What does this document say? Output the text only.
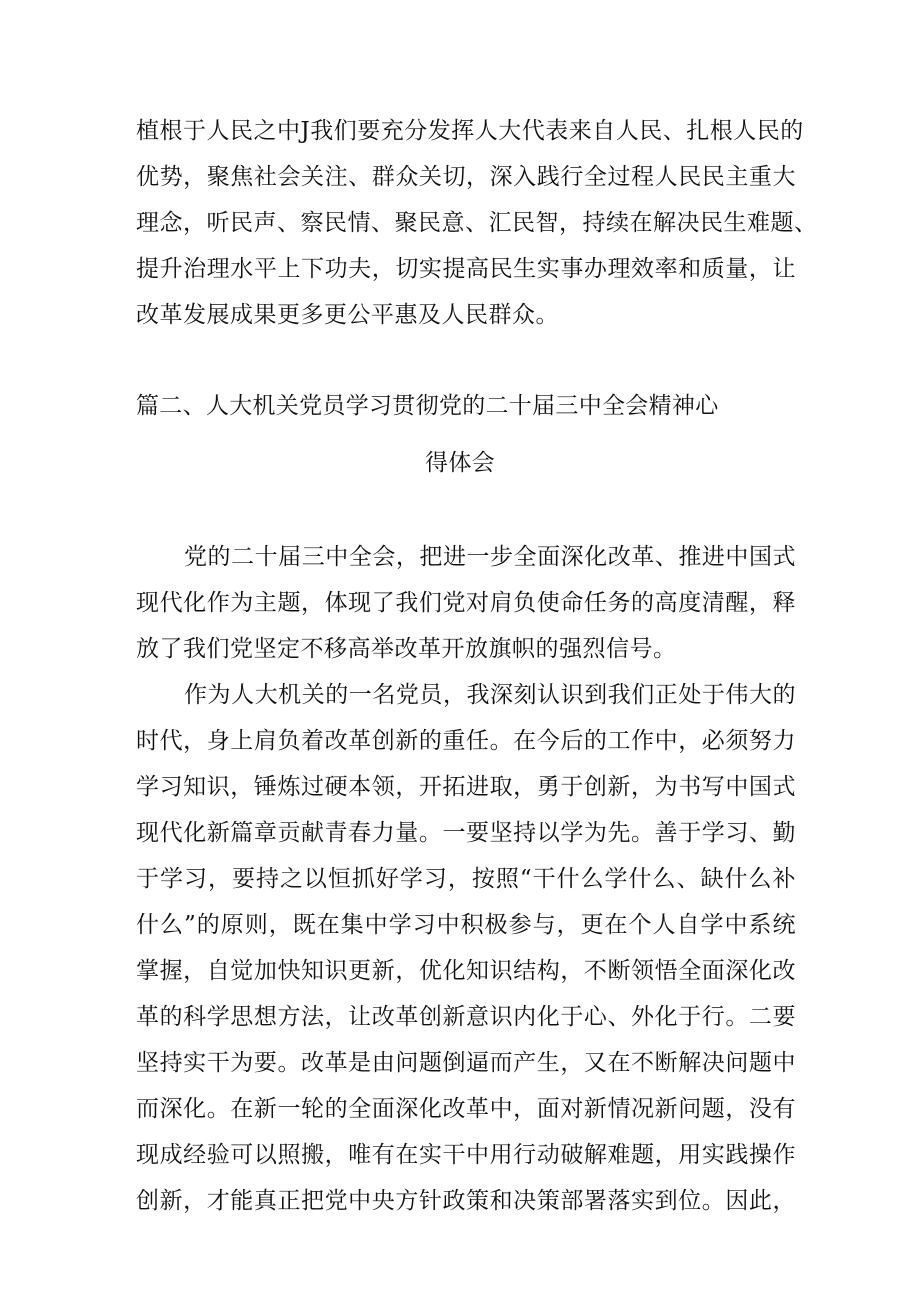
植根于人民之中J我们要充分发挥人大代表来自人民、扎根人民的
优势，聚焦社会关注、群众关切，深入践行全过程人民民主重大
理念，听民声、察民情、聚民意、汇民智，持续在解决民生难题、
提升治理水平上下功夫，切实提高民生实事办理效率和质量，让
改革发展成果更多更公平惠及人民群众。
篇二、人大机关党员学习贯彻党的二十届三中全会精神心
得体会
党的二十届三中全会，把进一步全面深化改革、推进中国式
现代化作为主题，体现了我们党对肩负使命任务的高度清醒，释
放了我们党坚定不移高举改革开放旗帜的强烈信号。
作为人大机关的一名党员，我深刻认识到我们正处于伟大的
时代，身上肩负着改革创新的重任。在今后的工作中，必须努力
学习知识，锤炼过硬本领，开拓进取，勇于创新，为书写中国式
现代化新篇章贡献青春力量。一要坚持以学为先。善于学习、勤
于学习，要持之以恒抓好学习，按照“干什么学什么、缺什么补
什么”的原则，既在集中学习中积极参与，更在个人自学中系统
掌握，自觉加快知识更新，优化知识结构，不断领悟全面深化改
革的科学思想方法，让改革创新意识内化于心、外化于行。二要
坚持实干为要。改革是由问题倒逼而产生，又在不断解决问题中
而深化。在新一轮的全面深化改革中，面对新情况新问题，没有
现成经验可以照搬，唯有在实干中用行动破解难题，用实践操作
创新，才能真正把党中央方针政策和决策部署落实到位。因此，
